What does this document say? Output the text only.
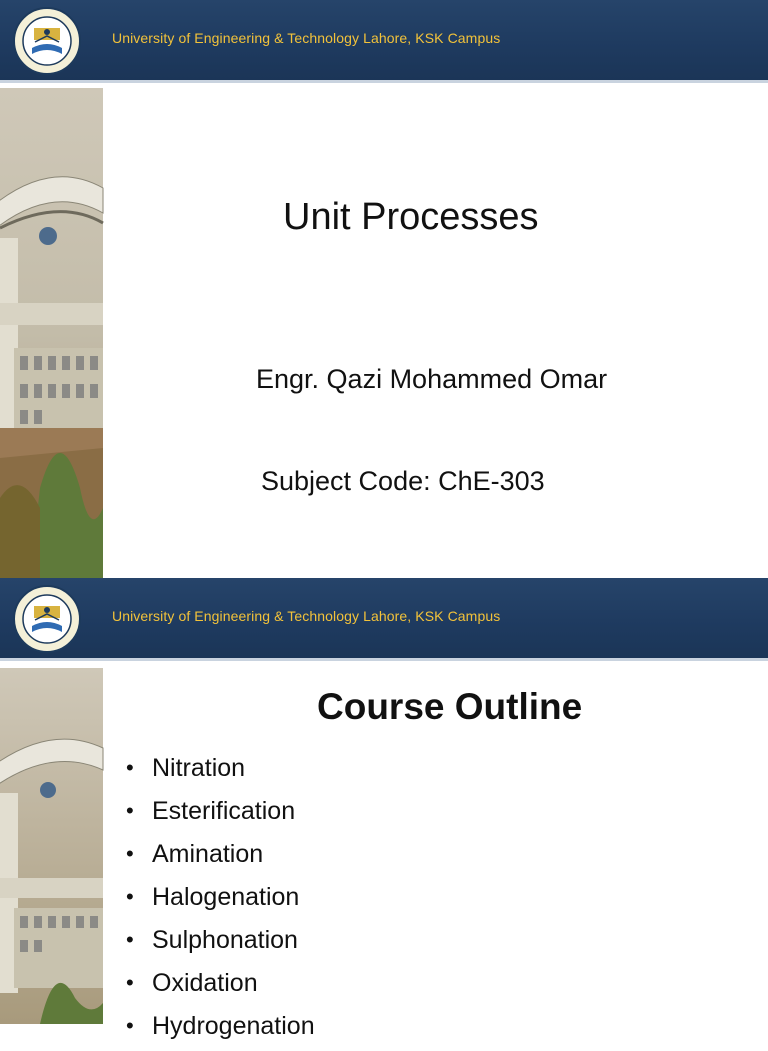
University of Engineering & Technology Lahore, KSK Campus
Unit Processes
Engr. Qazi Mohammed Omar
Subject Code: ChE-303
University of Engineering & Technology Lahore, KSK Campus
Course Outline
• Nitration
• Esterification
• Amination
• Halogenation
• Sulphonation
• Oxidation
• Hydrogenation
